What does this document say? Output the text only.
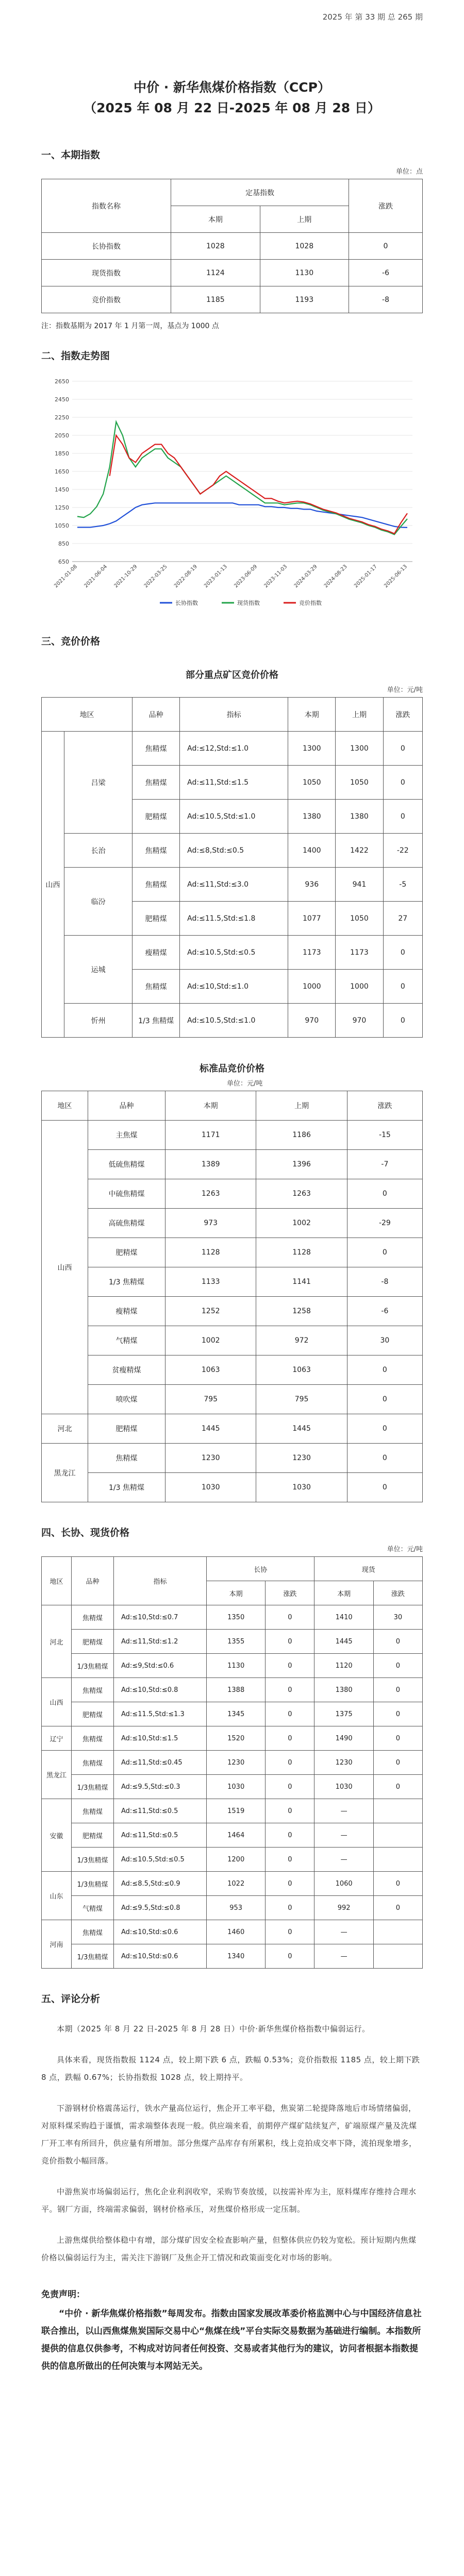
2025 年 第 33 期 总 265 期
中价 · 新华焦煤价格指数（CCP）
（2025 年 08 月 22 日-2025 年 08 月 28 日）
一、本期指数
单位：点
指数名称	定基指数		涨跌
	本期	上期	
长协指数	1028	1028	0
现货指数	1124	1130	-6
竞价指数	1185	1193	-8
注：指数基期为 2017 年 1 月第一周，基点为 1000 点
二、指数走势图
2650
2450
2250
2050
1850
1650
1450
1250
1050
850
650
2021-01-08 2021-06-04 2021-10-29 2022-03-25 2022-08-19 2023-01-13 2023-06-09 2023-11-03 2024-03-29 2024-08-23 2025-01-17 2025-06-13
长协指数	现货指数	竞价指数
三、竞价价格
部分重点矿区竞价价格
单位：元/吨
地区		品种	指标	本期	上期	涨跌
山西	吕梁	焦精煤	Ad:≤12,Std:≤1.0	1300	1300	0
		焦精煤	Ad:≤11,Std:≤1.5	1050	1050	0
		肥精煤	Ad:≤10.5,Std:≤1.0	1380	1380	0
	长治	焦精煤	Ad:≤8,Std:≤0.5	1400	1422	-22
	临汾	焦精煤	Ad:≤11,Std:≤3.0	936	941	-5
		肥精煤	Ad:≤11.5,Std:≤1.8	1077	1050	27
	运城	瘦精煤	Ad:≤10.5,Std:≤0.5	1173	1173	0
		焦精煤	Ad:≤10,Std:≤1.0	1000	1000	0
	忻州	1/3 焦精煤	Ad:≤10.5,Std:≤1.0	970	970	0
标准品竞价价格
单位：元/吨
地区	品种	本期	上期	涨跌
山西	主焦煤	1171	1186	-15
	低硫焦精煤	1389	1396	-7
	中硫焦精煤	1263	1263	0
	高硫焦精煤	973	1002	-29
	肥精煤	1128	1128	0
	1/3 焦精煤	1133	1141	-8
	瘦精煤	1252	1258	-6
	气精煤	1002	972	30
	贫瘦精煤	1063	1063	0
	喷吹煤	795	795	0
河北	肥精煤	1445	1445	0
黑龙江	焦精煤	1230	1230	0
	1/3 焦精煤	1030	1030	0
四、长协、现货价格
单位：元/吨
地区	品种	指标	长协		现货	
			本期	涨跌	本期	涨跌
河北	焦精煤	Ad:≤10,Std:≤0.7	1350	0	1410	30
	肥精煤	Ad:≤11,Std:≤1.2	1355	0	1445	0
	1/3焦精煤	Ad:≤9,Std:≤0.6	1130	0	1120	0
山西	焦精煤	Ad:≤10,Std:≤0.8	1388	0	1380	0
	肥精煤	Ad:≤11.5,Std:≤1.3	1345	0	1375	0
辽宁	焦精煤	Ad:≤10,Std:≤1.5	1520	0	1490	0
黑龙江	焦精煤	Ad:≤11,Std:≤0.45	1230	0	1230	0
	1/3焦精煤	Ad:≤9.5,Std:≤0.3	1030	0	1030	0
安徽	焦精煤	Ad:≤11,Std:≤0.5	1519	0	—	
	肥精煤	Ad:≤11,Std:≤0.5	1464	0	—	
	1/3焦精煤	Ad:≤10.5,Std:≤0.5	1200	0	—	
山东	1/3焦精煤	Ad:≤8.5,Std:≤0.9	1022	0	1060	0
	气精煤	Ad:≤9.5,Std:≤0.8	953	0	992	0
河南	焦精煤	Ad:≤10,Std:≤0.6	1460	0	—	
	1/3焦精煤	Ad:≤10,Std:≤0.6	1340	0	—	
五、评论分析
本期（2025 年 8 月 22 日-2025 年 8 月 28 日）中价·新华焦煤价格指数中偏弱运行。
具体来看，现货指数报 1124 点，较上期下跌 6 点，跌幅 0.53%；竞价指数报 1185 点，较上期下跌 8 点，跌幅 0.67%；长协指数报 1028 点，较上期持平。
下游钢材价格震荡运行，铁水产量高位运行，焦企开工率平稳，焦炭第二轮提降落地后市场情绪偏弱，对原料煤采购趋于谨慎，需求端整体表现一般。供应端来看，前期停产煤矿陆续复产，矿端原煤产量及洗煤厂开工率有所回升，供应量有所增加。部分焦煤产品库存有所累积，线上竞拍成交率下降，流拍现象增多，竞价指数小幅回落。
中游焦炭市场偏弱运行，焦化企业利润收窄，采购节奏放缓，以按需补库为主，原料煤库存维持合理水平。钢厂方面，终端需求偏弱，钢材价格承压，对焦煤价格形成一定压制。
上游焦煤供给整体稳中有增，部分煤矿因安全检查影响产量，但整体供应仍较为宽松。预计短期内焦煤价格以偏弱运行为主，需关注下游钢厂及焦企开工情况和政策面变化对市场的影响。
免责声明：
“中价 · 新华焦煤价格指数”每周发布。指数由国家发展改革委价格监测中心与中国经济信息社联合推出，以山西焦煤焦炭国际交易中心“焦煤在线”平台实际交易数据为基础进行编制。本指数所提供的信息仅供参考，不构成对访问者任何投资、交易或者其他行为的建议，访问者根据本指数提供的信息所做出的任何决策与本网站无关。
